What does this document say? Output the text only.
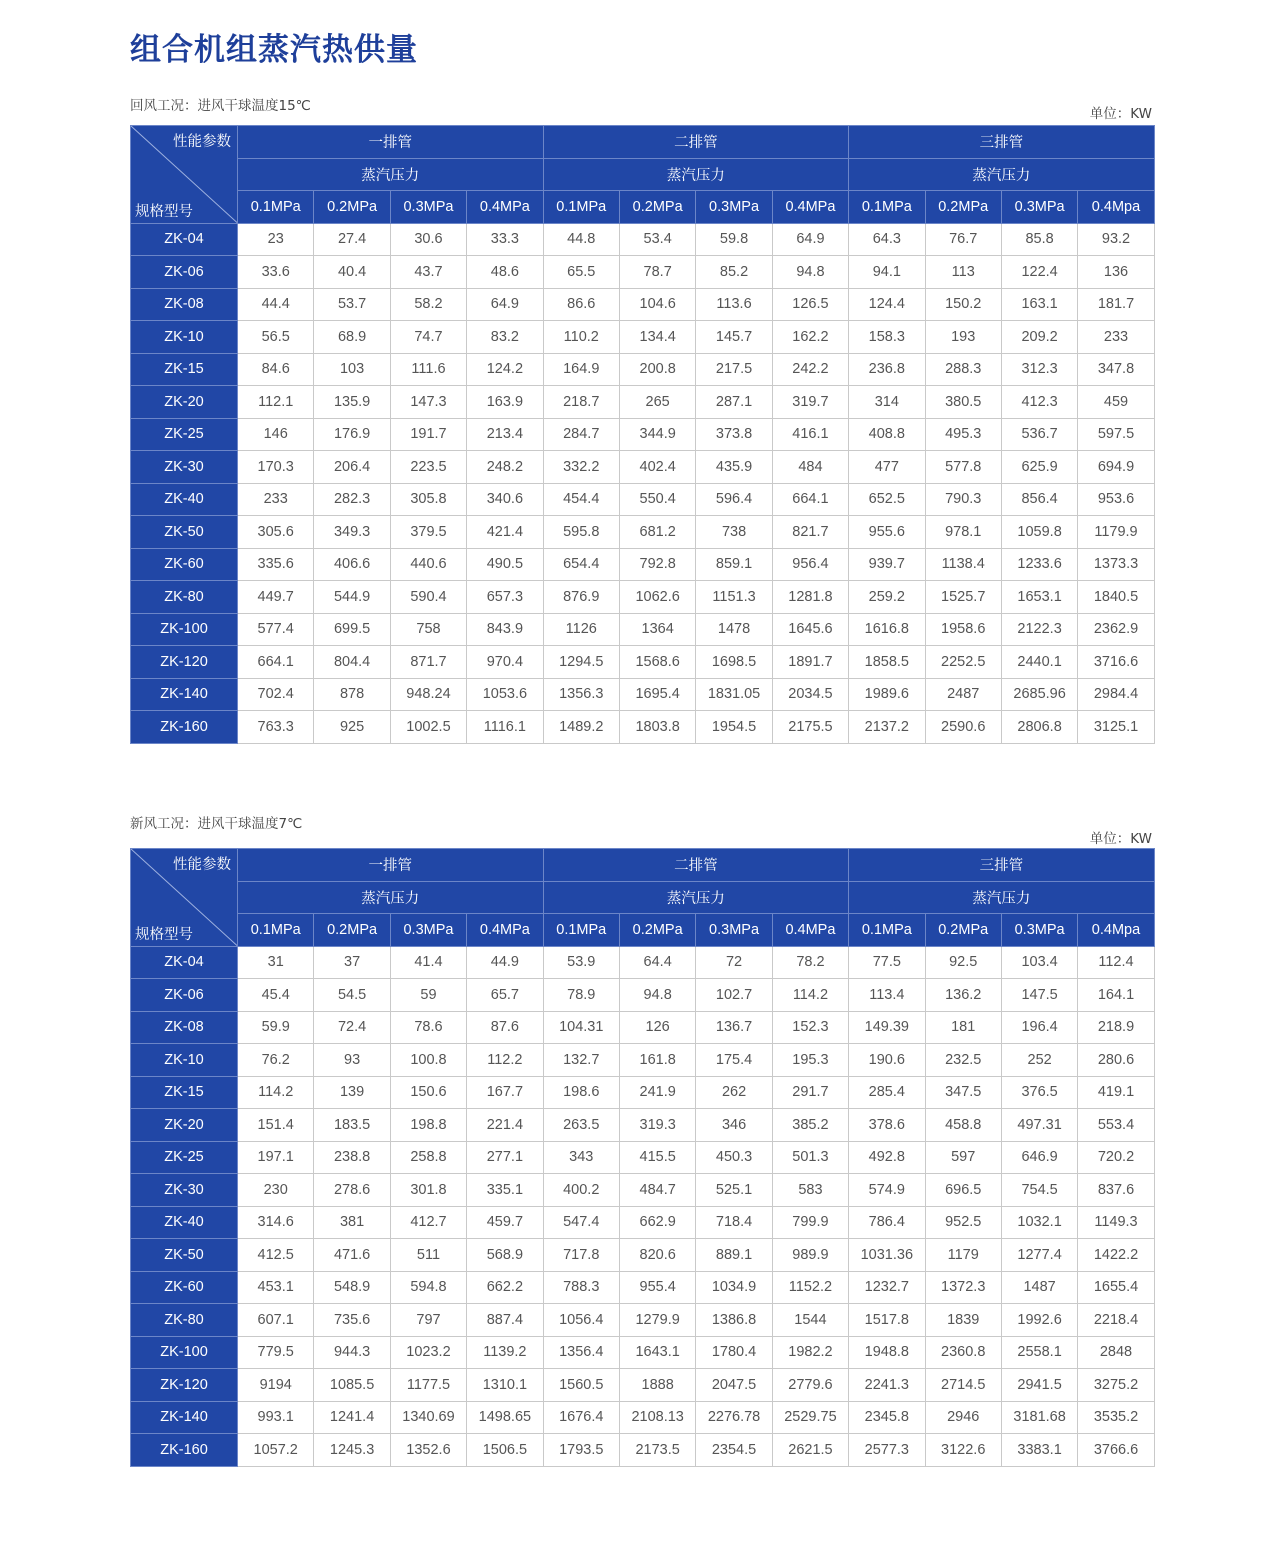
组合机组蒸汽热供量
回风工况：进风干球温度15℃	单位：KW
性能参数
规格型号	一排管				二排管				三排管			
	蒸汽压力				蒸汽压力				蒸汽压力			
	0.1MPa	0.2MPa	0.3MPa	0.4MPa	0.1MPa	0.2MPa	0.3MPa	0.4MPa	0.1MPa	0.2MPa	0.3MPa	0.4Mpa
ZK-04	23	27.4	30.6	33.3	44.8	53.4	59.8	64.9	64.3	76.7	85.8	93.2
ZK-06	33.6	40.4	43.7	48.6	65.5	78.7	85.2	94.8	94.1	113	122.4	136
ZK-08	44.4	53.7	58.2	64.9	86.6	104.6	113.6	126.5	124.4	150.2	163.1	181.7
ZK-10	56.5	68.9	74.7	83.2	110.2	134.4	145.7	162.2	158.3	193	209.2	233
ZK-15	84.6	103	111.6	124.2	164.9	200.8	217.5	242.2	236.8	288.3	312.3	347.8
ZK-20	112.1	135.9	147.3	163.9	218.7	265	287.1	319.7	314	380.5	412.3	459
ZK-25	146	176.9	191.7	213.4	284.7	344.9	373.8	416.1	408.8	495.3	536.7	597.5
ZK-30	170.3	206.4	223.5	248.2	332.2	402.4	435.9	484	477	577.8	625.9	694.9
ZK-40	233	282.3	305.8	340.6	454.4	550.4	596.4	664.1	652.5	790.3	856.4	953.6
ZK-50	305.6	349.3	379.5	421.4	595.8	681.2	738	821.7	955.6	978.1	1059.8	1179.9
ZK-60	335.6	406.6	440.6	490.5	654.4	792.8	859.1	956.4	939.7	1138.4	1233.6	1373.3
ZK-80	449.7	544.9	590.4	657.3	876.9	1062.6	1151.3	1281.8	259.2	1525.7	1653.1	1840.5
ZK-100	577.4	699.5	758	843.9	1126	1364	1478	1645.6	1616.8	1958.6	2122.3	2362.9
ZK-120	664.1	804.4	871.7	970.4	1294.5	1568.6	1698.5	1891.7	1858.5	2252.5	2440.1	3716.6
ZK-140	702.4	878	948.24	1053.6	1356.3	1695.4	1831.05	2034.5	1989.6	2487	2685.96	2984.4
ZK-160	763.3	925	1002.5	1116.1	1489.2	1803.8	1954.5	2175.5	2137.2	2590.6	2806.8	3125.1
新风工况：进风干球温度7℃
单位：KW
性能参数
规格型号	一排管				二排管				三排管			
	蒸汽压力				蒸汽压力				蒸汽压力			
	0.1MPa	0.2MPa	0.3MPa	0.4MPa	0.1MPa	0.2MPa	0.3MPa	0.4MPa	0.1MPa	0.2MPa	0.3MPa	0.4Mpa
ZK-04	31	37	41.4	44.9	53.9	64.4	72	78.2	77.5	92.5	103.4	112.4
ZK-06	45.4	54.5	59	65.7	78.9	94.8	102.7	114.2	113.4	136.2	147.5	164.1
ZK-08	59.9	72.4	78.6	87.6	104.31	126	136.7	152.3	149.39	181	196.4	218.9
ZK-10	76.2	93	100.8	112.2	132.7	161.8	175.4	195.3	190.6	232.5	252	280.6
ZK-15	114.2	139	150.6	167.7	198.6	241.9	262	291.7	285.4	347.5	376.5	419.1
ZK-20	151.4	183.5	198.8	221.4	263.5	319.3	346	385.2	378.6	458.8	497.31	553.4
ZK-25	197.1	238.8	258.8	277.1	343	415.5	450.3	501.3	492.8	597	646.9	720.2
ZK-30	230	278.6	301.8	335.1	400.2	484.7	525.1	583	574.9	696.5	754.5	837.6
ZK-40	314.6	381	412.7	459.7	547.4	662.9	718.4	799.9	786.4	952.5	1032.1	1149.3
ZK-50	412.5	471.6	511	568.9	717.8	820.6	889.1	989.9	1031.36	1179	1277.4	1422.2
ZK-60	453.1	548.9	594.8	662.2	788.3	955.4	1034.9	1152.2	1232.7	1372.3	1487	1655.4
ZK-80	607.1	735.6	797	887.4	1056.4	1279.9	1386.8	1544	1517.8	1839	1992.6	2218.4
ZK-100	779.5	944.3	1023.2	1139.2	1356.4	1643.1	1780.4	1982.2	1948.8	2360.8	2558.1	2848
ZK-120	9194	1085.5	1177.5	1310.1	1560.5	1888	2047.5	2779.6	2241.3	2714.5	2941.5	3275.2
ZK-140	993.1	1241.4	1340.69	1498.65	1676.4	2108.13	2276.78	2529.75	2345.8	2946	3181.68	3535.2
ZK-160	1057.2	1245.3	1352.6	1506.5	1793.5	2173.5	2354.5	2621.5	2577.3	3122.6	3383.1	3766.6
